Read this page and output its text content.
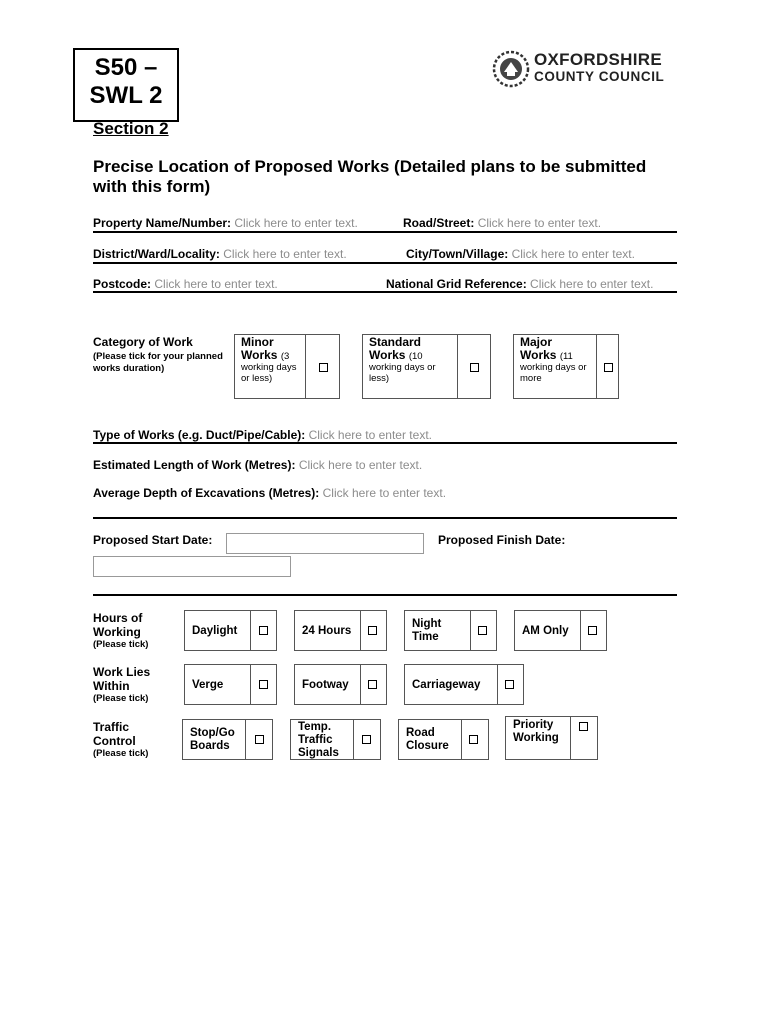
S50 –
SWL 2
OXFORDSHIRE
COUNTY COUNCIL
Section 2
Precise Location of Proposed Works (Detailed plans to be submitted with this form)
Property Name/Number: Click here to enter text.	Road/Street: Click here to enter text.
District/Ward/Locality: Click here to enter text.	City/Town/Village: Click here to enter text.
Postcode: Click here to enter text.	National Grid Reference: Click here to enter text.
Category of Work
(Please tick for your planned works duration)
Minor
Works (3
working days or less)
Standard
Works (10
working days or less)
Major
Works (11
working days or more
Type of Works (e.g. Duct/Pipe/Cable): Click here to enter text.
Estimated Length of Work (Metres): Click here to enter text.
Average Depth of Excavations (Metres): Click here to enter text.
Proposed Start Date:	Proposed Finish Date:
Hours of
Working
(Please tick)
Daylight	24 Hours
Night Time	AM Only
Work Lies
Within
(Please tick)
Verge	Footway	Carriageway
Traffic
Control
(Please tick)
Stop/Go Boards
Temp. Traffic Signals
Road Closure
Priority Working
